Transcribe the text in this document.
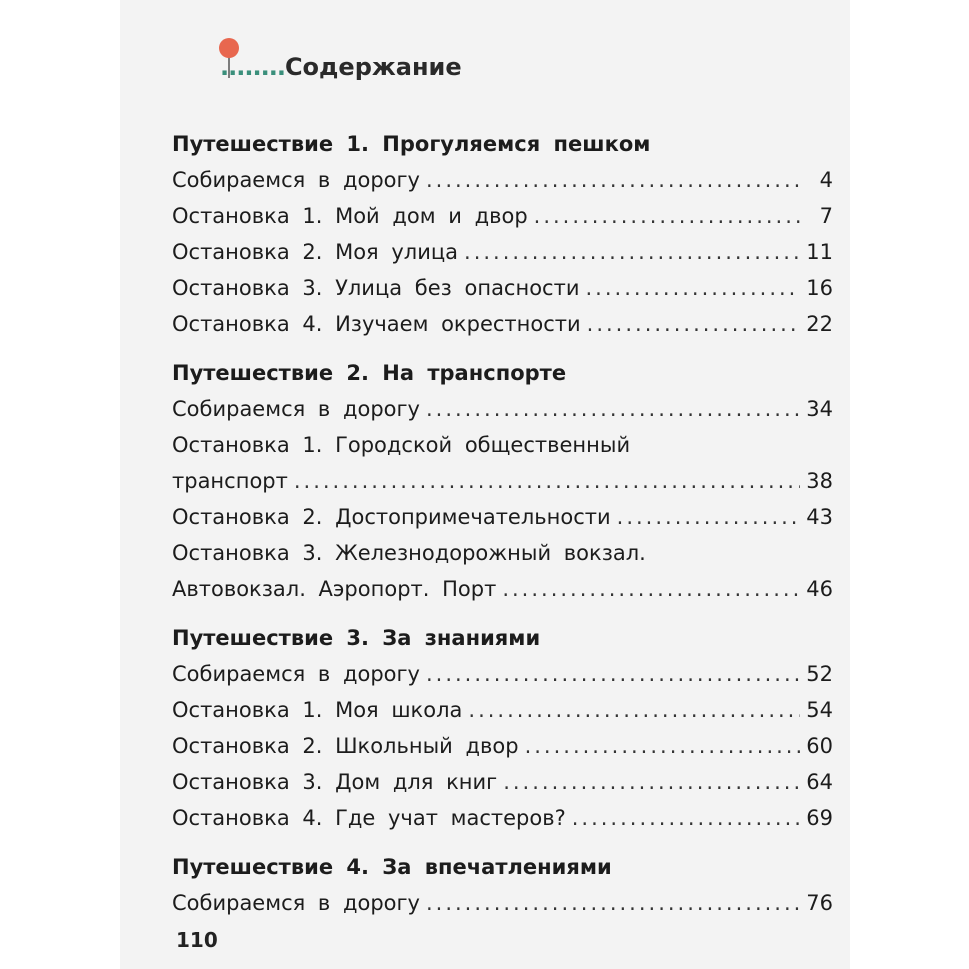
........Содержание
Путешествие 1. Прогуляемся пешком
Собираемся в дорогу .....	4
Остановка 1. Мой дом и двор .....	7
Остановка 2. Моя улица .....	11
Остановка 3. Улица без опасности .....	16
Остановка 4. Изучаем окрестности .....	22
Путешествие 2. На транспорте
Собираемся в дорогу .....	34
Остановка 1. Городской общественный
транспорт .....	38
Остановка 2. Достопримечательности .....	43
Остановка 3. Железнодорожный вокзал.
Автовокзал. Аэропорт. Порт .....	46
Путешествие 3. За знаниями
Собираемся в дорогу .....	52
Остановка 1. Моя школа .....	54
Остановка 2. Школьный двор .....	60
Остановка 3. Дом для книг .....	64
Остановка 4. Где учат мастеров? .....	69
Путешествие 4. За впечатлениями
Собираемся в дорогу .....	76
110
